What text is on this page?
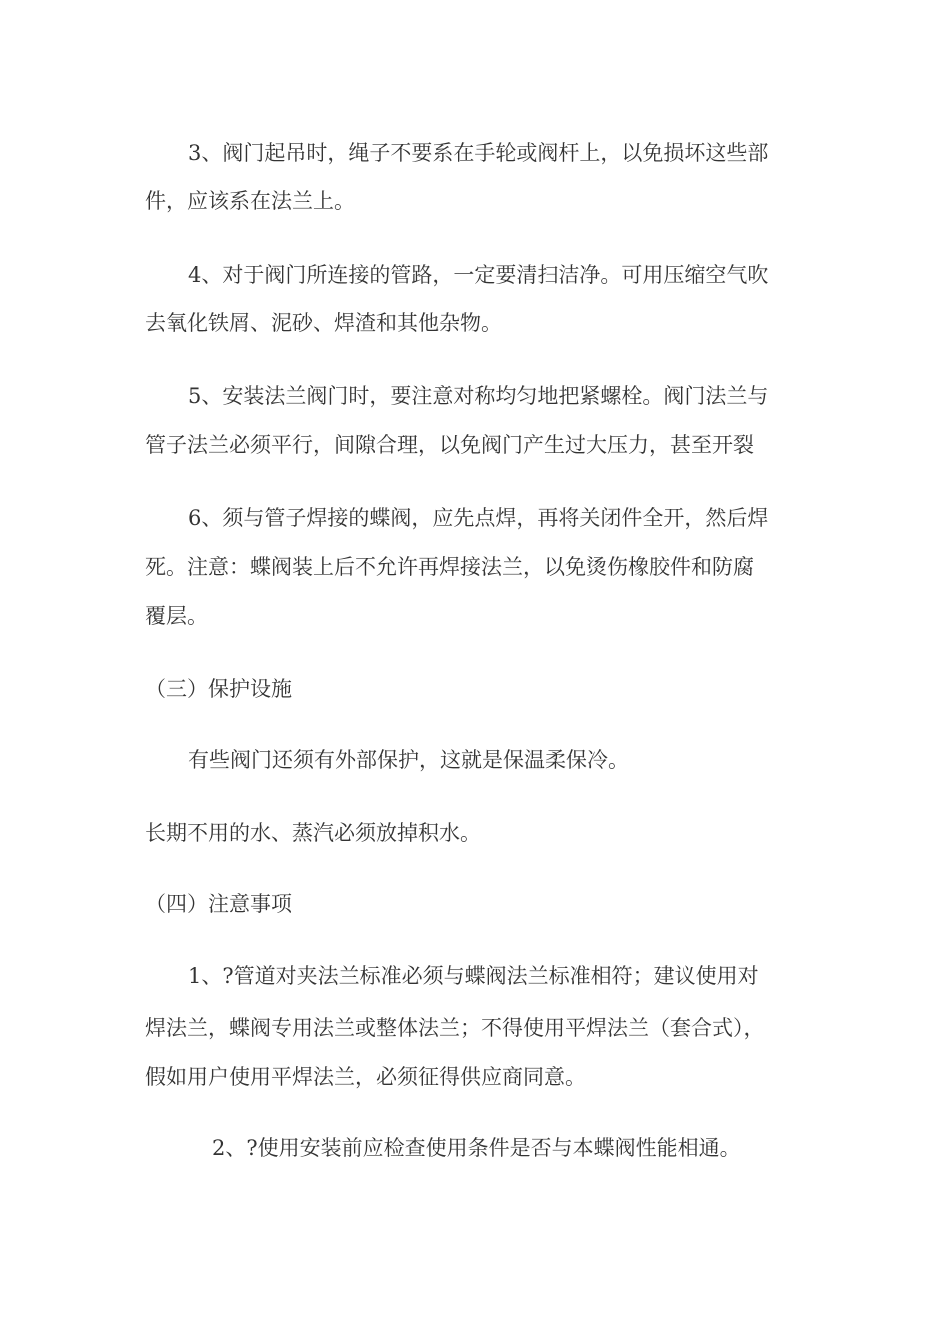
3、阀门起吊时，绳子不要系在手轮或阀杆上，以免损坏这些部
件，应该系在法兰上。
4、对于阀门所连接的管路，一定要清扫洁净。可用压缩空气吹
去氧化铁屑、泥砂、焊渣和其他杂物。
5、安装法兰阀门时，要注意对称均匀地把紧螺栓。阀门法兰与
管子法兰必须平行，间隙合理，以免阀门产生过大压力，甚至开裂
6、须与管子焊接的蝶阀，应先点焊，再将关闭件全开，然后焊
死。注意：蝶阀装上后不允许再焊接法兰，以免烫伤橡胶件和防腐
覆层。
（三）保护设施
有些阀门还须有外部保护，这就是保温柔保冷。
长期不用的水、蒸汽必须放掉积水。
（四）注意事项
1、?管道对夹法兰标准必须与蝶阀法兰标准相符；建议使用对
焊法兰，蝶阀专用法兰或整体法兰；不得使用平焊法兰（套合式），
假如用户使用平焊法兰，必须征得供应商同意。
2、?使用安装前应检查使用条件是否与本蝶阀性能相通。
